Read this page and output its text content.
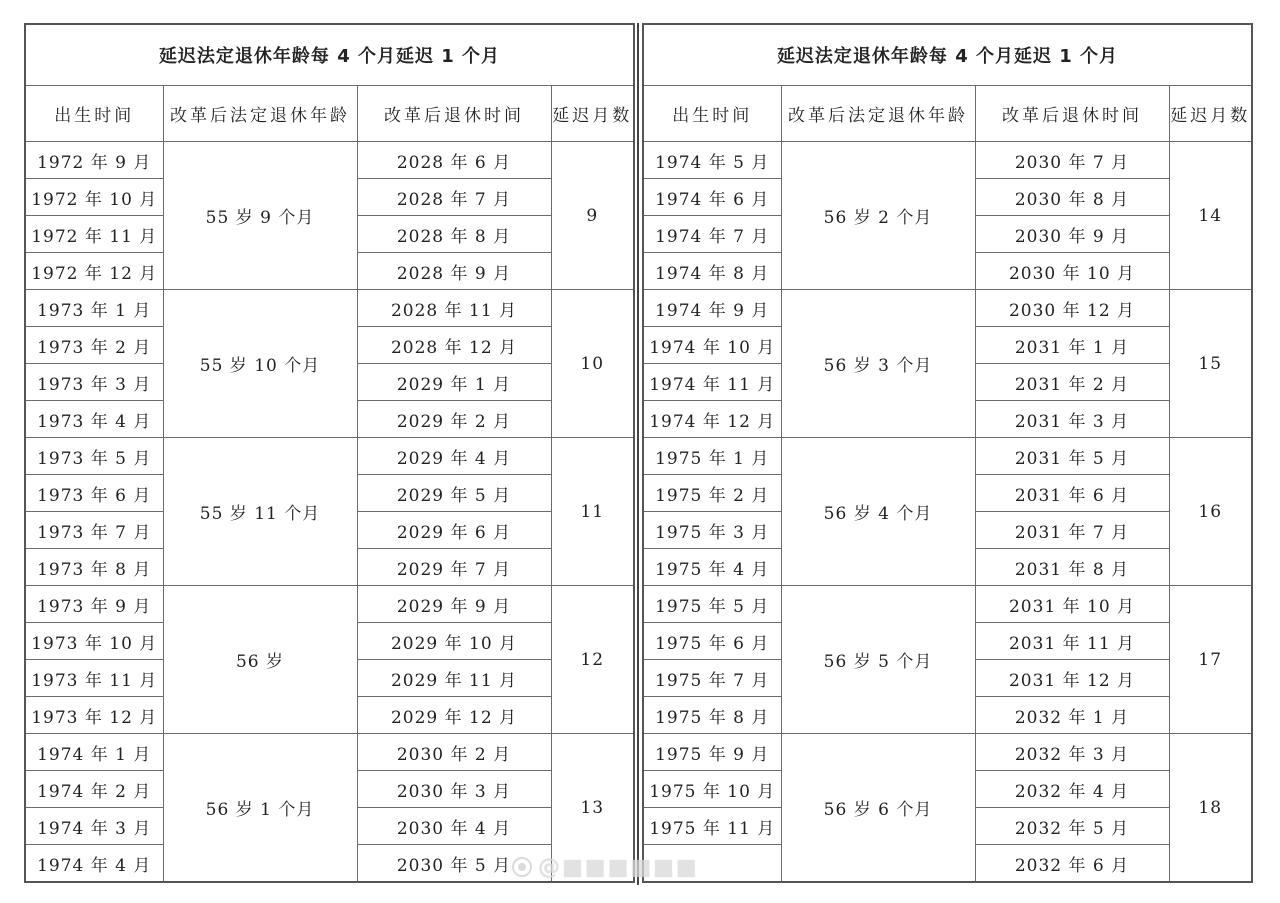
延迟法定退休年龄每 4 个月延迟 1 个月			
出生时间	改革后法定退休年龄	改革后退休时间	延迟月数
1972 年 9 月	55 岁 9 个月	2028 年 6 月	9
1972 年 10 月		2028 年 7 月	
1972 年 11 月		2028 年 8 月	
1972 年 12 月		2028 年 9 月	
1973 年 1 月	55 岁 10 个月	2028 年 11 月	10
1973 年 2 月		2028 年 12 月	
1973 年 3 月		2029 年 1 月	
1973 年 4 月		2029 年 2 月	
1973 年 5 月	55 岁 11 个月	2029 年 4 月	11
1973 年 6 月		2029 年 5 月	
1973 年 7 月		2029 年 6 月	
1973 年 8 月		2029 年 7 月	
1973 年 9 月	56 岁	2029 年 9 月	12
1973 年 10 月		2029 年 10 月	
1973 年 11 月		2029 年 11 月	
1973 年 12 月		2029 年 12 月	
1974 年 1 月	56 岁 1 个月	2030 年 2 月	13
1974 年 2 月		2030 年 3 月	
1974 年 3 月		2030 年 4 月	
1974 年 4 月		2030 年 5 月	
延迟法定退休年龄每 4 个月延迟 1 个月			
出生时间	改革后法定退休年龄	改革后退休时间	延迟月数
1974 年 5 月	56 岁 2 个月	2030 年 7 月	14
1974 年 6 月		2030 年 8 月	
1974 年 7 月		2030 年 9 月	
1974 年 8 月		2030 年 10 月	
1974 年 9 月	56 岁 3 个月	2030 年 12 月	15
1974 年 10 月		2031 年 1 月	
1974 年 11 月		2031 年 2 月	
1974 年 12 月		2031 年 3 月	
1975 年 1 月	56 岁 4 个月	2031 年 5 月	16
1975 年 2 月		2031 年 6 月	
1975 年 3 月		2031 年 7 月	
1975 年 4 月		2031 年 8 月	
1975 年 5 月	56 岁 5 个月	2031 年 10 月	17
1975 年 6 月		2031 年 11 月	
1975 年 7 月		2031 年 12 月	
1975 年 8 月		2032 年 1 月	
1975 年 9 月	56 岁 6 个月	2032 年 3 月	18
1975 年 10 月		2032 年 4 月	
1975 年 11 月		2032 年 5 月	
		2032 年 6 月	
@■■■■■■
